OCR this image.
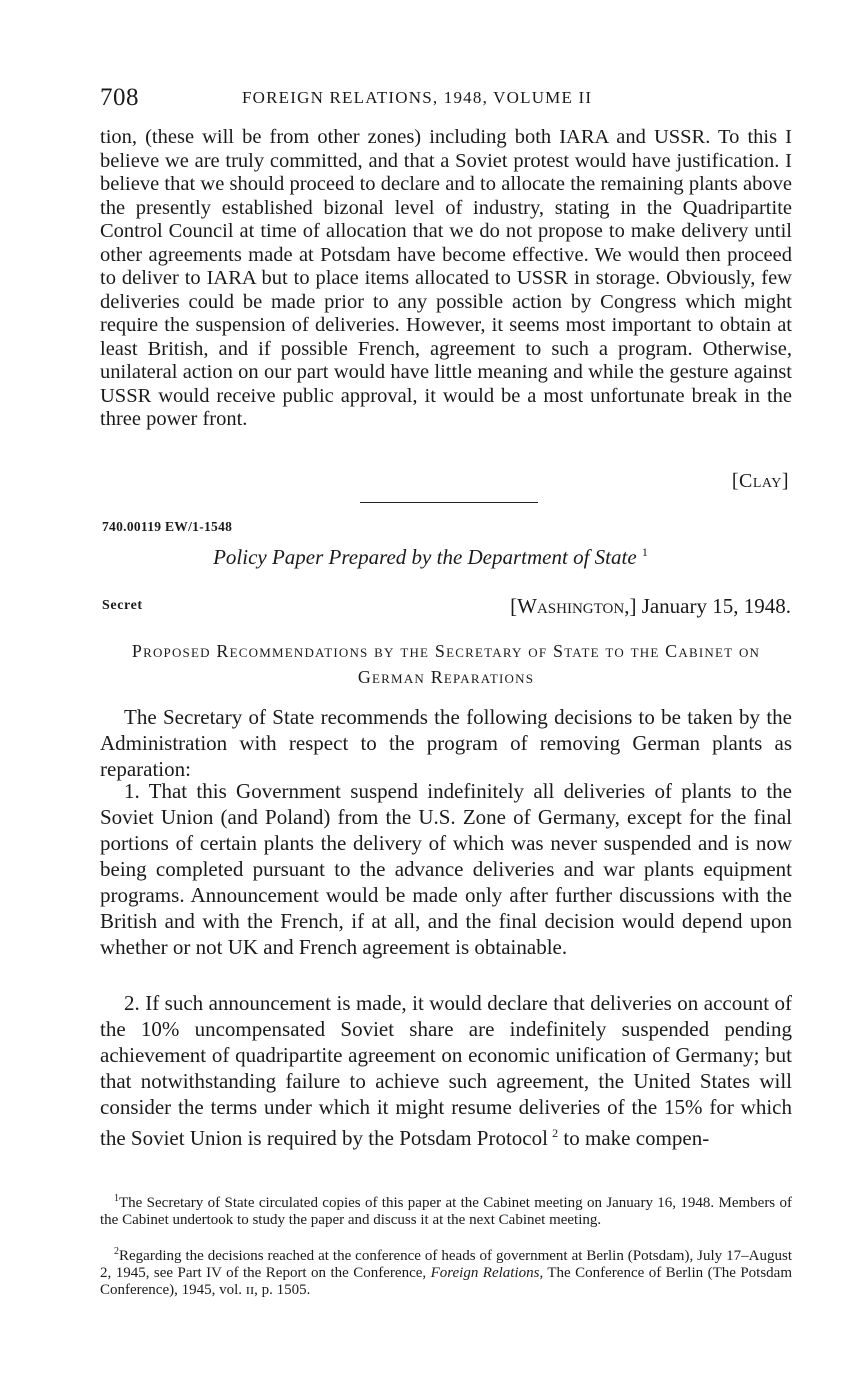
708	FOREIGN RELATIONS, 1948, VOLUME II

tion, (these will be from other zones) including both IARA and USSR. To this I believe we are truly committed, and that a Soviet protest would have justification. I believe that we should proceed to declare and to allocate the remaining plants above the presently established bizonal level of industry, stating in the Quadripartite Control Council at time of allocation that we do not propose to make delivery until other agreements made at Potsdam have become effective. We would then proceed to deliver to IARA but to place items allocated to USSR in storage. Obviously, few deliveries could be made prior to any possible action by Congress which might require the suspension of deliveries. However, it seems most important to obtain at least British, and if possible French, agreement to such a program. Otherwise, unilateral action on our part would have little meaning and while the gesture against USSR would receive public approval, it would be a most unfortunate break in the three power front.

[Clay]
740.00119 EW/1-1548
Policy Paper Prepared by the Department of State $^1$
Secret	[Washington,] January 15, 1948.

Proposed Recommendations by the Secretary of State to the Cabinet on German Reparations

The Secretary of State recommends the following decisions to be taken by the Administration with respect to the program of removing German plants as reparation:

1. That this Government suspend indefinitely all deliveries of plants to the Soviet Union (and Poland) from the U.S. Zone of Germany, except for the final portions of certain plants the delivery of which was never suspended and is now being completed pursuant to the advance deliveries and war plants equipment programs. Announcement would be made only after further discussions with the British and with the French, if at all, and the final decision would depend upon whether or not UK and French agreement is obtainable.

2. If such announcement is made, it would declare that deliveries on account of the 10% uncompensated Soviet share are indefinitely suspended pending achievement of quadripartite agreement on economic unification of Germany; but that notwithstanding failure to achieve such agreement, the United States will consider the terms under which it might resume deliveries of the 15% for which the Soviet Union is required by the Potsdam Protocol  $^2$ to make compen-

$^1$The Secretary of State circulated copies of this paper at the Cabinet meeting on January 16, 1948. Members of the Cabinet undertook to study the paper and discuss it at the next Cabinet meeting.

$^2$Regarding the decisions reached at the conference of heads of government at Berlin (Potsdam), July 17–August 2, 1945, see Part IV of the Report on the Conference, Foreign Relations, The Conference of Berlin (The Potsdam Conference), 1945, vol. ɪɪ, p. 1505.
